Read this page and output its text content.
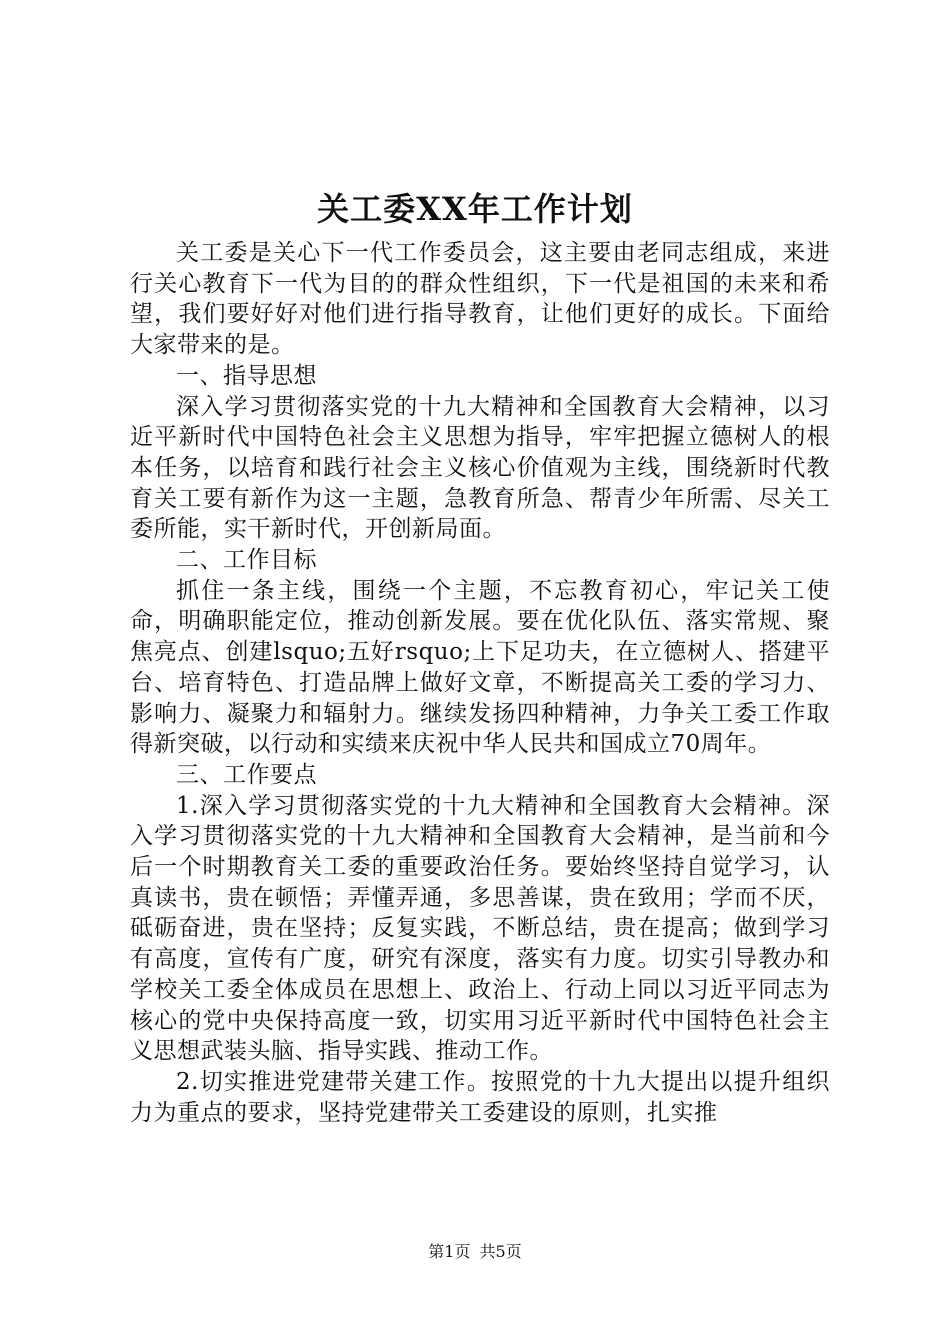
关工委XX年工作计划

关工委是关心下一代工作委员会，这主要由老同志组成，来进行关心教育下一代为目的的群众性组织，下一代是祖国的未来和希望，我们要好好对他们进行指导教育，让他们更好的成长。下面给大家带来的是。

一、指导思想

深入学习贯彻落实党的十九大精神和全国教育大会精神，以习近平新时代中国特色社会主义思想为指导，牢牢把握立德树人的根本任务，以培育和践行社会主义核心价值观为主线，围绕新时代教育关工要有新作为这一主题，急教育所急、帮青少年所需、尽关工委所能，实干新时代，开创新局面。

二、工作目标

抓住一条主线，围绕一个主题，不忘教育初心，牢记关工使命，明确职能定位，推动创新发展。要在优化队伍、落实常规、聚焦亮点、创建lsquo;五好rsquo;上下足功夫，在立德树人、搭建平台、培育特色、打造品牌上做好文章，不断提高关工委的学习力、影响力、凝聚力和辐射力。继续发扬四种精神，力争关工委工作取得新突破，以行动和实绩来庆祝中华人民共和国成立70周年。

三、工作要点

1.深入学习贯彻落实党的十九大精神和全国教育大会精神。深入学习贯彻落实党的十九大精神和全国教育大会精神，是当前和今后一个时期教育关工委的重要政治任务。要始终坚持自觉学习，认真读书，贵在顿悟；弄懂弄通，多思善谋，贵在致用；学而不厌，砥砺奋进，贵在坚持；反复实践，不断总结，贵在提高；做到学习有高度，宣传有广度，研究有深度，落实有力度。切实引导教办和学校关工委全体成员在思想上、政治上、行动上同以习近平同志为核心的党中央保持高度一致，切实用习近平新时代中国特色社会主义思想武装头脑、指导实践、推动工作。

2.切实推进党建带关建工作。按照党的十九大提出以提升组织力为重点的要求，坚持党建带关工委建设的原则，扎实推

第1页 共5页
